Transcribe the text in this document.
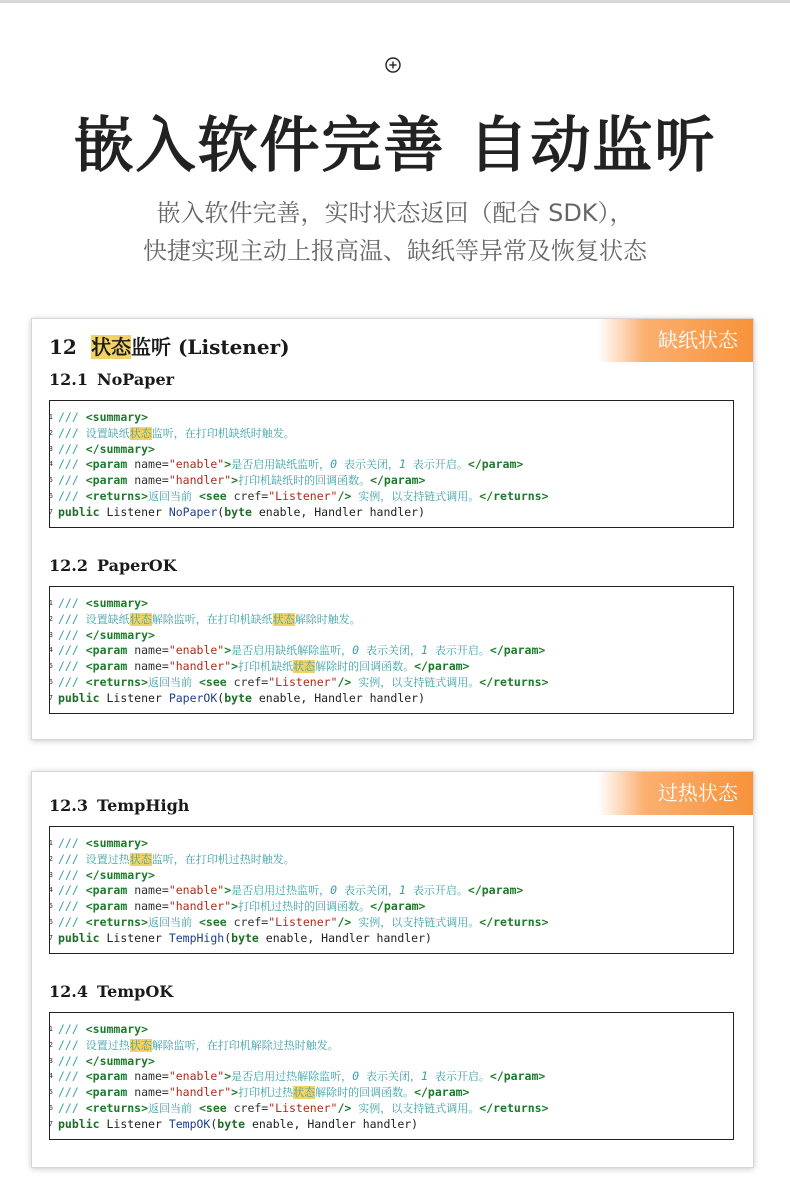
嵌入软件完善 自动监听

嵌入软件完善，实时状态返回（配合 SDK），

快捷实现主动上报高温、缺纸等异常及恢复状态

缺纸状态
12 状态监听 (Listener)
12.1 NoPaper
1 /// <summary>
2 /// 设置缺纸状态监听，在打印机缺纸时触发。
3 /// </summary>
4 /// <param name="enable">是否启用缺纸监听，0 表示关闭，1 表示开启。</param>
5 /// <param name="handler">打印机缺纸时的回调函数。</param>
6 /// <returns>返回当前 <see cref="Listener"/> 实例，以支持链式调用。</returns>
7 public Listener NoPaper(byte enable, Handler handler)
12.2 PaperOK
1 /// <summary>
2 /// 设置缺纸状态解除监听，在打印机缺纸状态解除时触发。
3 /// </summary>
4 /// <param name="enable">是否启用缺纸解除监听，0 表示关闭，1 表示开启。</param>
5 /// <param name="handler">打印机缺纸状态解除时的回调函数。</param>
6 /// <returns>返回当前 <see cref="Listener"/> 实例，以支持链式调用。</returns>
7 public Listener PaperOK(byte enable, Handler handler)
过热状态
12.3 TempHigh
1 /// <summary>
2 /// 设置过热状态监听，在打印机过热时触发。
3 /// </summary>
4 /// <param name="enable">是否启用过热监听，0 表示关闭，1 表示开启。</param>
5 /// <param name="handler">打印机过热时的回调函数。</param>
6 /// <returns>返回当前 <see cref="Listener"/> 实例，以支持链式调用。</returns>
7 public Listener TempHigh(byte enable, Handler handler)
12.4 TempOK
1 /// <summary>
2 /// 设置过热状态解除监听，在打印机解除过热时触发。
3 /// </summary>
4 /// <param name="enable">是否启用过热解除监听，0 表示关闭，1 表示开启。</param>
5 /// <param name="handler">打印机过热状态解除时的回调函数。</param>
6 /// <returns>返回当前 <see cref="Listener"/> 实例，以支持链式调用。</returns>
7 public Listener TempOK(byte enable, Handler handler)
